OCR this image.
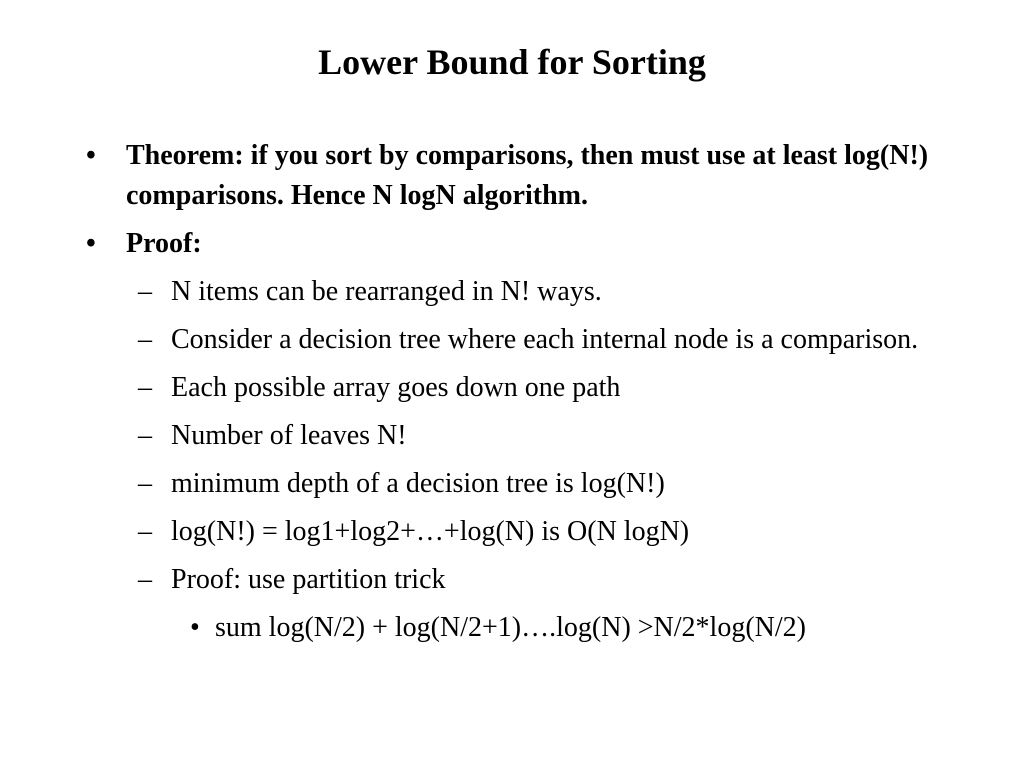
Lower Bound for Sorting
• Theorem: if you sort by comparisons, then must use at least log(N!) comparisons. Hence N logN algorithm.
• Proof:
– N items can be rearranged in N! ways.
– Consider a decision tree where each internal node is a comparison.
– Each possible array goes down one path
– Number of leaves N!
– minimum depth of a decision tree is log(N!)
– log(N!) = log1+log2+…+log(N) is O(N logN)
– Proof: use partition trick
• sum log(N/2) + log(N/2+1)….log(N) >N/2*log(N/2)
